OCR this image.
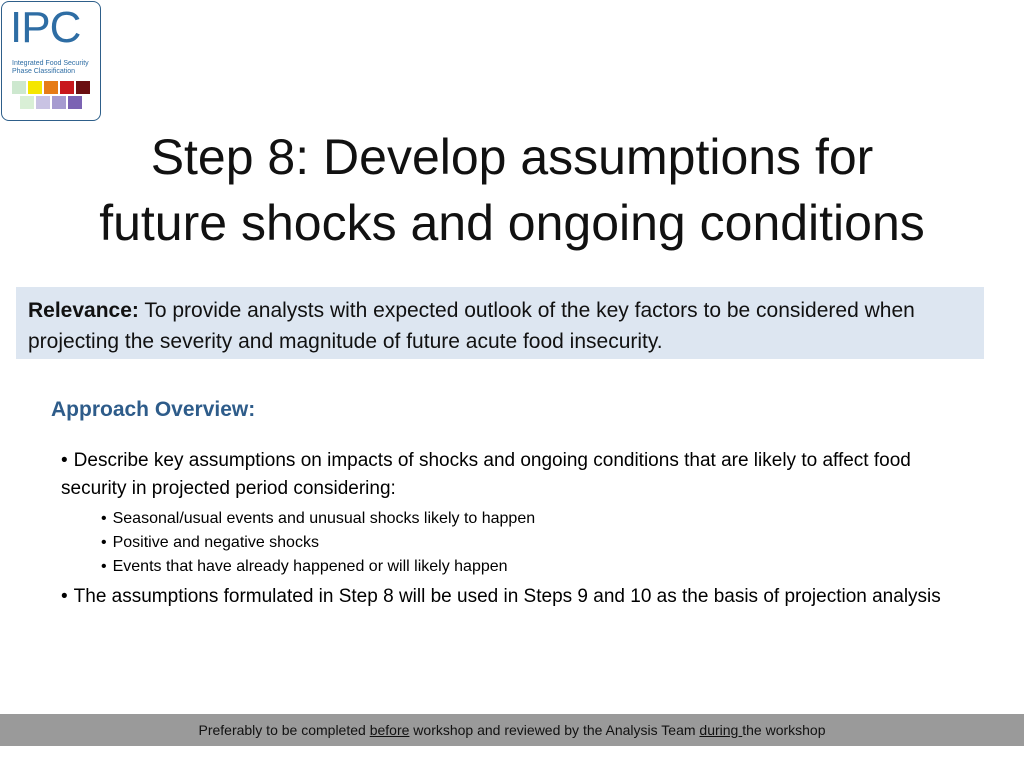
IPC
Integrated Food Security Phase Classification
Step 8: Develop assumptions for
future shocks and ongoing conditions
Relevance: To provide analysts with expected outlook of the key factors to be considered when projecting the severity and magnitude of future acute food insecurity.
Approach Overview:
• Describe key assumptions on impacts of shocks and ongoing conditions that are likely to affect food security in projected period considering:
• Seasonal/usual events and unusual shocks likely to happen
• Positive and negative shocks
• Events that have already happened or will likely happen
• The assumptions formulated in Step 8 will be used in Steps 9 and 10 as the basis of projection analysis
Preferably to be completed before workshop and reviewed by the Analysis Team during the workshop
